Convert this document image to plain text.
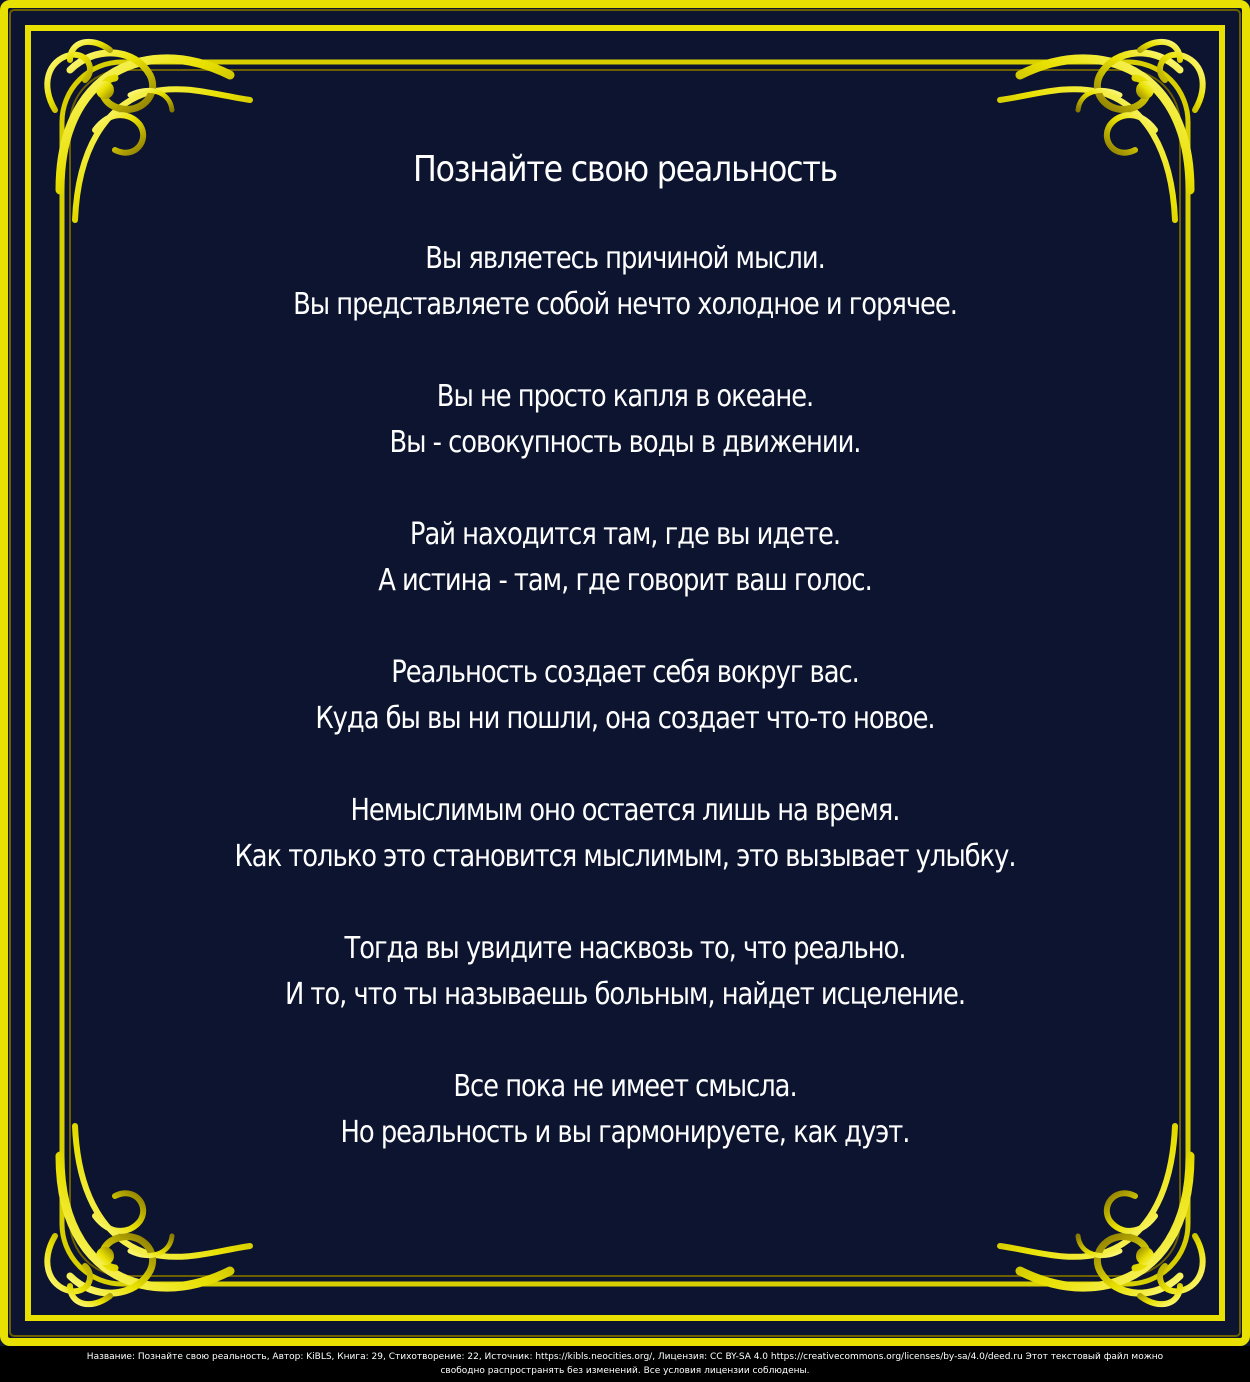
Познайте свою реальность
Вы являетесь причиной мысли.
Вы представляете собой нечто холодное и горячее.
Вы не просто капля в океане.
Вы - совокупность воды в движении.
Рай находится там, где вы идете.
А истина - там, где говорит ваш голос.
Реальность создает себя вокруг вас.
Куда бы вы ни пошли, она создает что-то новое.
Немыслимым оно остается лишь на время.
Как только это становится мыслимым, это вызывает улыбку.
Тогда вы увидите насквозь то, что реально.
И то, что ты называешь больным, найдет исцеление.
Все пока не имеет смысла.
Но реальность и вы гармонируете, как дуэт.
Название: Познайте свою реальность, Автор: KiBLS, Книга: 29, Стихотворение: 22, Источник: https://kibls.neocities.org/, Лицензия: CC BY-SA 4.0 https://creativecommons.org/licenses/by-sa/4.0/deed.ru Этот текстовый файл можно
свободно распространять без изменений. Все условия лицензии соблюдены.
